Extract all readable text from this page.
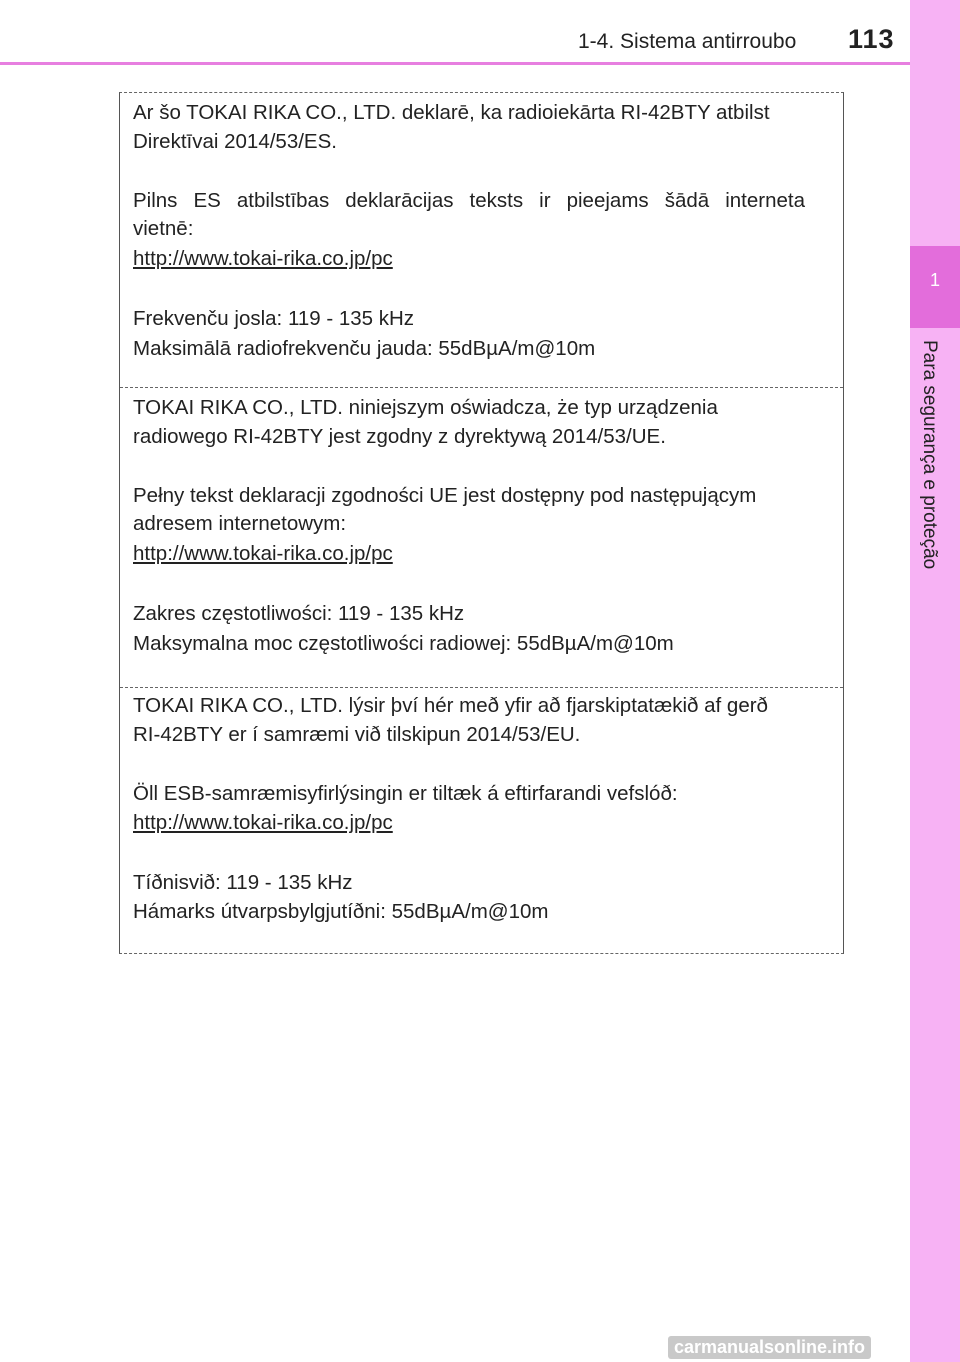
1-4. Sistema antirroubo 113
1
Para segurança e proteção
Ar šo TOKAI RIKA CO., LTD. deklarē, ka radioiekārta RI-42BTY atbilst
Direktīvai 2014/53/ES.
Pilns ES atbilstības deklarācijas teksts ir pieejams šādā interneta
vietnē:
http://www.tokai-rika.co.jp/pc
Frekvenču josla: 119 - 135 kHz
Maksimālā radiofrekvenču jauda: 55dBµA/m@10m
TOKAI RIKA CO., LTD. niniejszym oświadcza, że typ urządzenia
radiowego RI-42BTY jest zgodny z dyrektywą 2014/53/UE.
Pełny tekst deklaracji zgodności UE jest dostępny pod następującym
adresem internetowym:
http://www.tokai-rika.co.jp/pc
Zakres częstotliwości: 119 - 135 kHz
Maksymalna moc częstotliwości radiowej: 55dBµA/m@10m
TOKAI RIKA CO., LTD. lýsir því hér með yfir að fjarskiptatækið af gerð
RI-42BTY er í samræmi við tilskipun 2014/53/EU.
Öll ESB-samræmisyfirlýsingin er tiltæk á eftirfarandi vefslóð:
http://www.tokai-rika.co.jp/pc
Tíðnisvið: 119 - 135 kHz
Hámarks útvarpsbylgjutíðni: 55dBµA/m@10m
carmanualsonline.info
